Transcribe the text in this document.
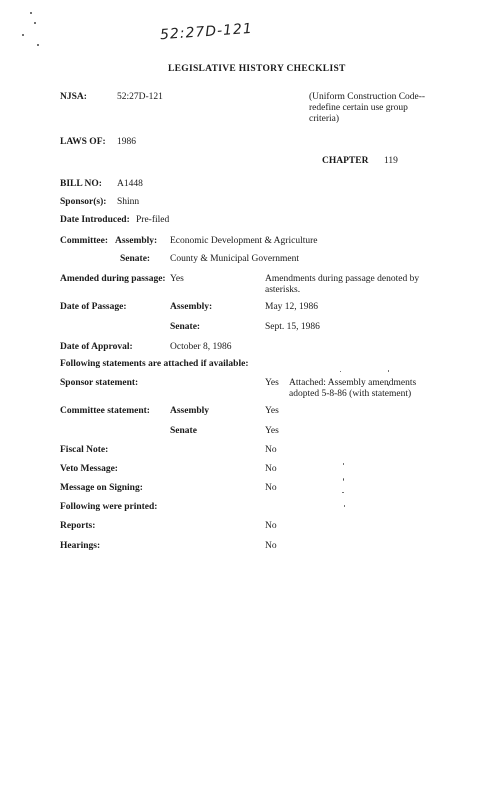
52:27D-121
LEGISLATIVE HISTORY CHECKLIST
NJSA:	52:27D-121	(Uniform Construction Code--redefine certain use group criteria)
LAWS OF: 1986
CHAPTER 119
BILL NO: A1448
Sponsor(s): Shinn
Date Introduced: Pre-filed
Committee: Assembly: Economic Development & Agriculture
Senate: County & Municipal Government
Amended during passage: Yes	Amendments during passage denoted by asterisks.
Date of Passage:	Assembly:	May 12, 1986
Senate:	Sept. 15, 1986
Date of Approval:	October 8, 1986
Following statements are attached if available:
Sponsor statement:	Yes Attached: Assembly amendments adopted 5-8-86 (with statement)
Committee statement: Assembly	Yes
Senate	Yes
Fiscal Note:	No
Veto Message:	No
Message on Signing:	No
Following were printed:
Reports:	No
Hearings:	No
